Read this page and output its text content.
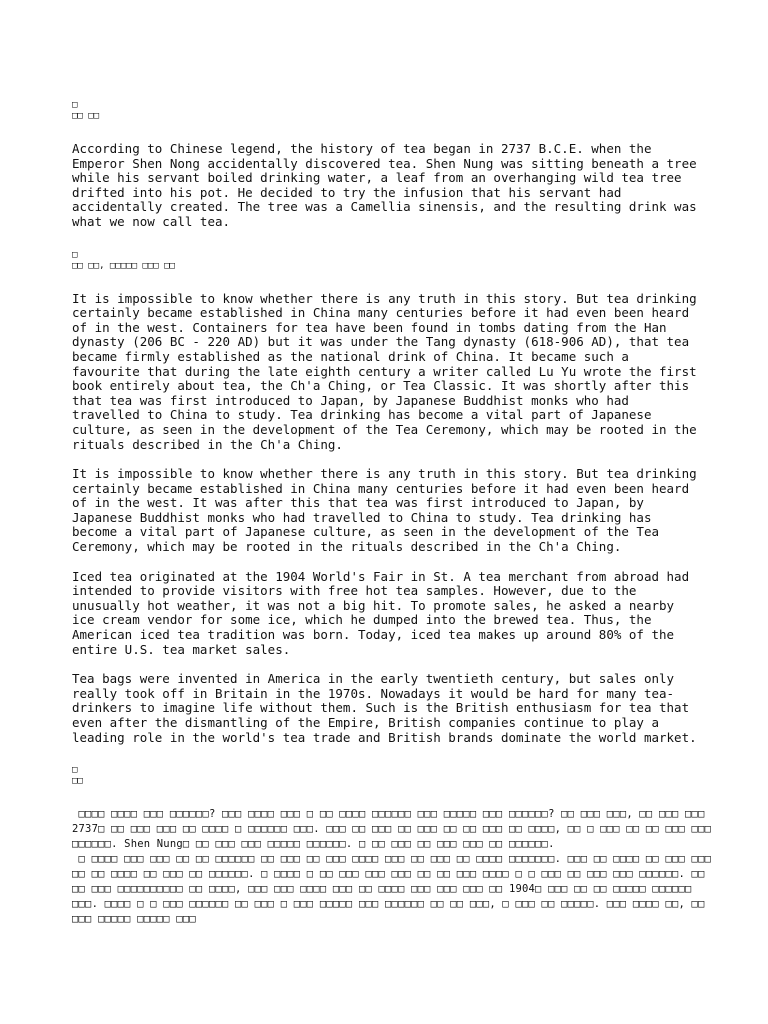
□

□□ □□

According to Chinese legend, the history of tea began in 2737 B.C.E. when the
Emperor Shen Nong accidentally discovered tea. Shen Nung was sitting beneath a tree
while his servant boiled drinking water, a leaf from an overhanging wild tea tree
drifted into his pot. He decided to try the infusion that his servant had
accidentally created. The tree was a Camellia sinensis, and the resulting drink was
what we now call tea.

□

□□ □□, □□□□□ □□□ □□

It is impossible to know whether there is any truth in this story. But tea drinking
certainly became established in China many centuries before it had even been heard
of in the west. Containers for tea have been found in tombs dating from the Han
dynasty (206 BC - 220 AD) but it was under the Tang dynasty (618-906 AD), that tea
became firmly established as the national drink of China. It became such a
favourite that during the late eighth century a writer called Lu Yu wrote the first
book entirely about tea, the Ch'a Ching, or Tea Classic. It was shortly after this
that tea was first introduced to Japan, by Japanese Buddhist monks who had
travelled to China to study. Tea drinking has become a vital part of Japanese
culture, as seen in the development of the Tea Ceremony, which may be rooted in the
rituals described in the Ch'a Ching.

It is impossible to know whether there is any truth in this story. But tea drinking
certainly became established in China many centuries before it had even been heard
of in the west. It was after this that tea was first introduced to Japan, by
Japanese Buddhist monks who had travelled to China to study. Tea drinking has
become a vital part of Japanese culture, as seen in the development of the Tea
Ceremony, which may be rooted in the rituals described in the Ch'a Ching.

Iced tea originated at the 1904 World's Fair in St. A tea merchant from abroad had
intended to provide visitors with free hot tea samples. However, due to the
unusually hot weather, it was not a big hit. To promote sales, he asked a nearby
ice cream vendor for some ice, which he dumped into the brewed tea. Thus, the
American iced tea tradition was born. Today, iced tea makes up around 80% of the
entire U.S. tea market sales.

Tea bags were invented in America in the early twentieth century, but sales only
really took off in Britain in the 1970s. Nowadays it would be hard for many tea-
drinkers to imagine life without them. Such is the British enthusiasm for tea that
even after the dismantling of the Empire, British companies continue to play a
leading role in the world's tea trade and British brands dominate the world market.

□

□□

□□□□ □□□□ □□□ □□□□□□? □□□ □□□□ □□□ □ □□ □□□□ □□□□□□ □□□ □□□□□ □□□ □□□□□□? □□ □□□ □□□, □□ □□□ □□□ 2737□ □□ □□□ □□□ □□ □□□□ □ □□□□□□ □□□. □□□ □□ □□□ □□ □□□ □□ □□ □□□ □□ □□□□, □□ □ □□□ □□ □□ □□□ □□□ □□□□□□. Shen Nung□ □□ □□□ □□□ □□□□□ □□□□□□. □ □□ □□□ □□ □□□ □□□ □□ □□□□□□.

□ □□□□ □□□ □□□ □□ □□ □□□□□□ □□ □□□ □□ □□□ □□□□ □□□ □□ □□□ □□ □□□□ □□□□□□□. □□□ □□ □□□□ □□ □□□ □□□ □□ □□ □□□□ □□ □□□ □□ □□□□□□. □ □□□□ □ □□ □□□ □□□ □□□ □□ □□ □□□ □□□□ □ □ □□□ □□ □□□ □□□ □□□□□□. □□ □□ □□□ □□□□□□□□□□ □□ □□□□, □□□ □□□ □□□□ □□□ □□ □□□□ □□□ □□□ □□□ □□ 1904□ □□□ □□ □□ □□□□□ □□□□□□ □□□. □□□□ □ □ □□□ □□□□□□ □□ □□□ □ □□□ □□□□□ □□□ □□□□□□ □□ □□ □□□, □ □□□ □□ □□□□□. □□□ □□□□ □□, □□ □□□ □□□□□ □□□□□ □□□
